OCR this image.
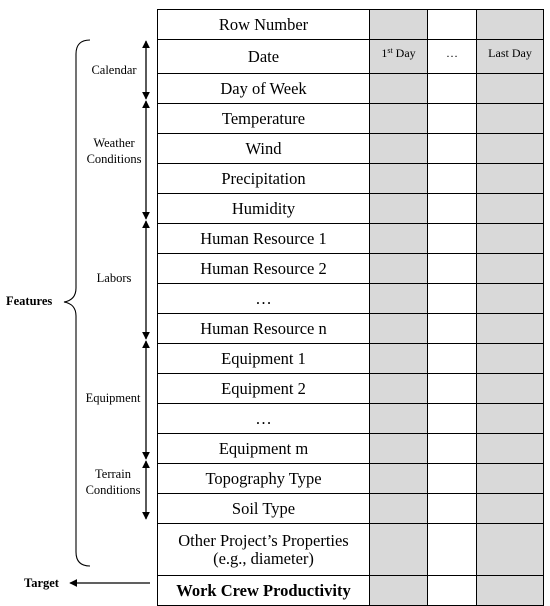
Row Number			
Date	1st Day	…	Last Day
Day of Week			
Temperature			
Wind			
Precipitation			
Humidity			
Human Resource 1			
Human Resource 2			
…			
Human Resource n			
Equipment 1			
Equipment 2			
…			
Equipment m			
Topography Type			
Soil Type			
Other Project’s Properties
(e.g., diameter)			
Work Crew Productivity			
Calendar
Weather
Conditions
Labors
Equipment
Terrain
Conditions
Features
Target
